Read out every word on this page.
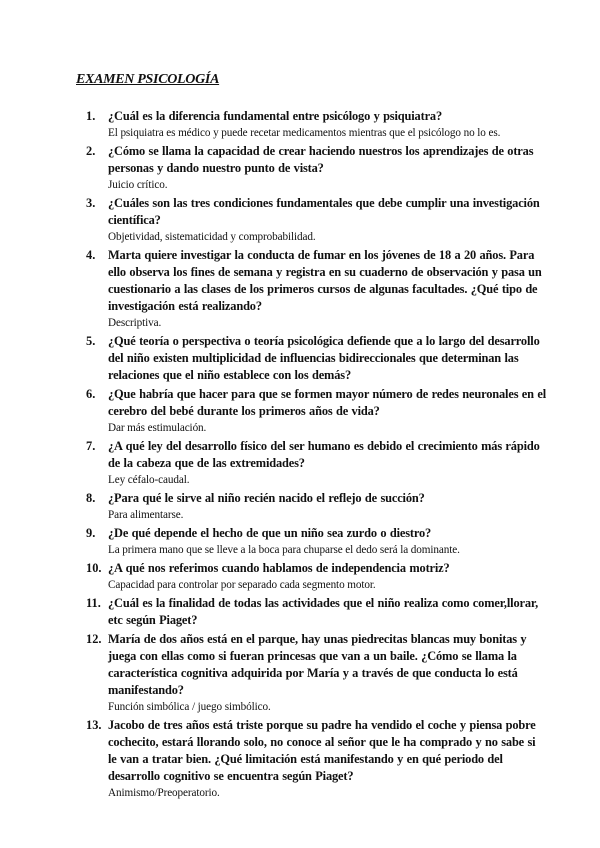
EXAMEN PSICOLOGÍA
1. ¿Cuál es la diferencia fundamental entre psicólogo y psiquiatra?
El psiquiatra es médico y puede recetar medicamentos mientras que el psicólogo no lo es.
2. ¿Cómo se llama la capacidad de crear haciendo nuestros los aprendizajes de otras personas y dando nuestro punto de vista?
Juicio crítico.
3. ¿Cuáles son las tres condiciones fundamentales que debe cumplir una investigación científica?
Objetividad, sistematicidad y comprobabilidad.
4. Marta quiere investigar la conducta de fumar en los jóvenes de 18 a 20 años. Para ello observa los fines de semana y registra en su cuaderno de observación y pasa un cuestionario a las clases de los primeros cursos de algunas facultades. ¿Qué tipo de investigación está realizando?
Descriptiva.
5. ¿Qué teoría o perspectiva o teoría psicológica defiende que a lo largo del desarrollo del niño existen multiplicidad de influencias bidireccionales que determinan las relaciones que el niño establece con los demás?
6. ¿Que habría que hacer para que se formen mayor número de redes neuronales en el cerebro del bebé durante los primeros años de vida?
Dar más estimulación.
7. ¿A qué ley del desarrollo físico del ser humano es debido el crecimiento más rápido de la cabeza que de las extremidades?
Ley céfalo-caudal.
8. ¿Para qué le sirve al niño recién nacido el reflejo de succión?
Para alimentarse.
9. ¿De qué depende el hecho de que un niño sea zurdo o diestro?
La primera mano que se lleve a la boca para chuparse el dedo será la dominante.
10. ¿A qué nos referimos cuando hablamos de independencia motriz?
Capacidad para controlar por separado cada segmento motor.
11. ¿Cuál es la finalidad de todas las actividades que el niño realiza como comer,llorar, etc según Piaget?
12. María de dos años está en el parque, hay unas piedrecitas blancas muy bonitas y juega con ellas como si fueran princesas que van a un baile. ¿Cómo se llama la característica cognitiva adquirida por María y a través de que conducta lo está manifestando?
Función simbólica / juego simbólico.
13. Jacobo de tres años está triste porque su padre ha vendido el coche y piensa pobre cochecito, estará llorando solo, no conoce al señor que le ha comprado y no sabe si le van a tratar bien. ¿Qué limitación está manifestando y en qué periodo del desarrollo cognitivo se encuentra según Piaget?
Animismo/Preoperatorio.
